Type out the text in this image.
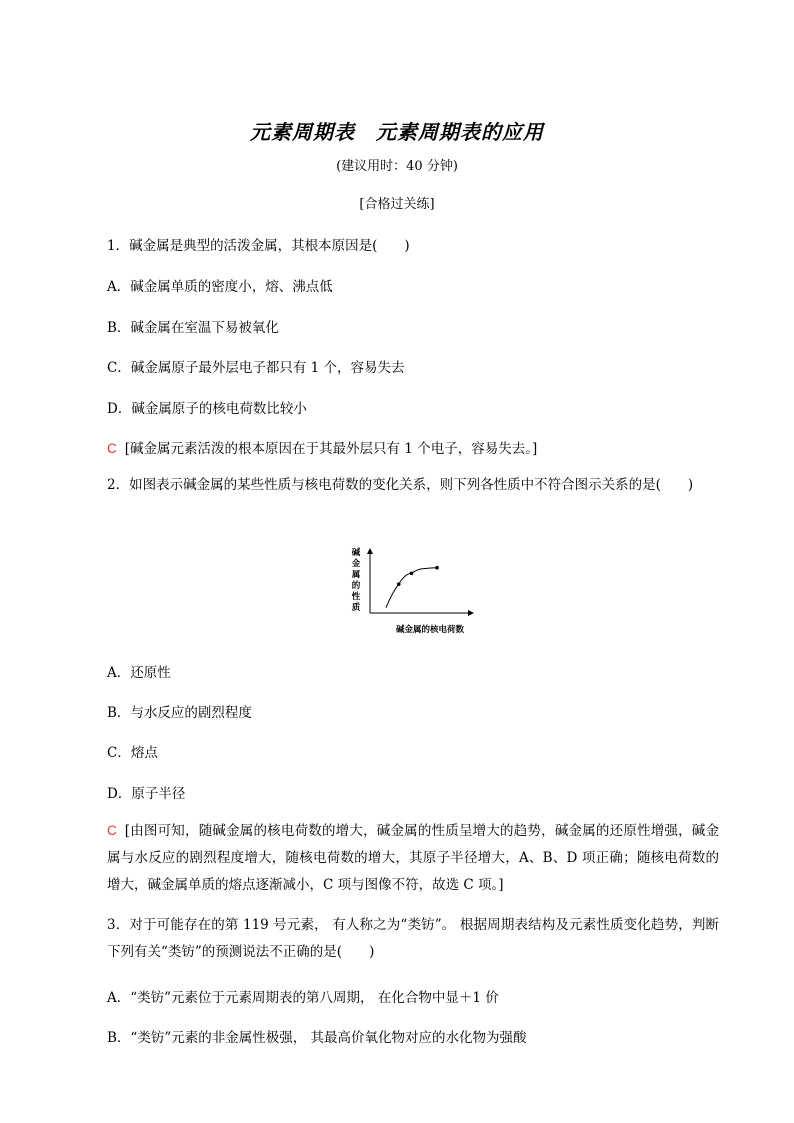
元素周期表　元素周期表的应用
(建议用时：40 分钟)
[合格过关练]
1．碱金属是典型的活泼金属，其根本原因是(　　)
A．碱金属单质的密度小，熔、沸点低
B．碱金属在室温下易被氧化
C．碱金属原子最外层电子都只有 1 个，容易失去
D．碱金属原子的核电荷数比较小
C [碱金属元素活泼的根本原因在于其最外层只有 1 个电子，容易失去。]
2．如图表示碱金属的某些性质与核电荷数的变化关系，则下列各性质中不符合图示关系的是(　　)
碱
金
属
的
性
质
碱金属的核电荷数
A．还原性
B．与水反应的剧烈程度
C．熔点
D．原子半径
C [由图可知，随碱金属的核电荷数的增大，碱金属的性质呈增大的趋势，碱金属的还原性增强，碱金属与水反应的剧烈程度增大，随核电荷数的增大，其原子半径增大，A、B、D 项正确；随核电荷数的增大，碱金属单质的熔点逐渐减小，C 项与图像不符，故选 C 项。]
3．对于可能存在的第 119 号元素， 有人称之为“类钫”。 根据周期表结构及元素性质变化趋势，判断下列有关“类钫”的预测说法不正确的是(　　)
A．“类钫”元素位于元素周期表的第八周期， 在化合物中显＋1 价
B．“类钫”元素的非金属性极强， 其最高价氧化物对应的水化物为强酸
